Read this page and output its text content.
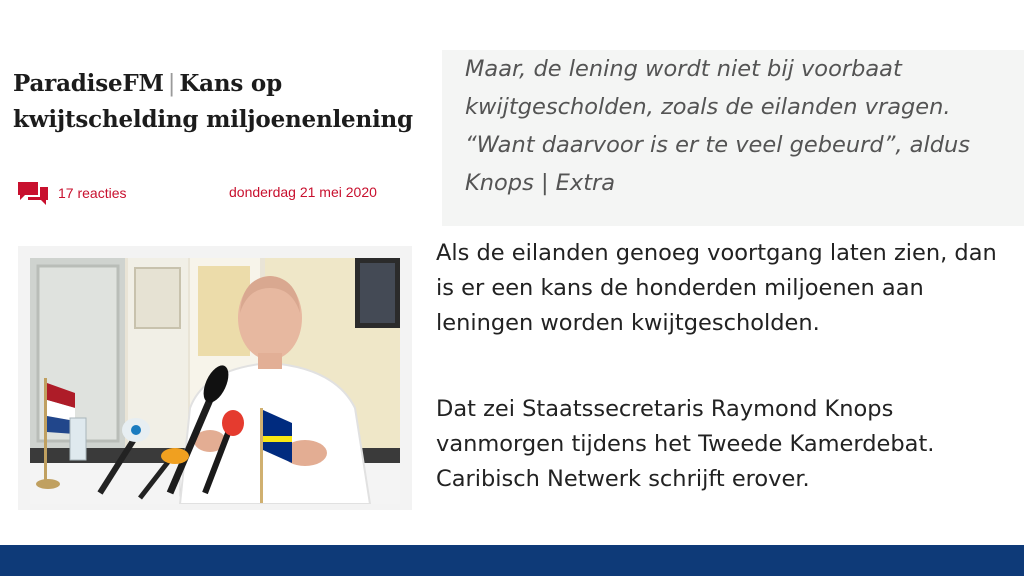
ParadiseFM | Kans op kwijtschelding miljoenenlening
17 reacties	donderdag 21 mei 2020

Maar, de lening wordt niet bij voorbaat kwijtgescholden, zoals de eilanden vragen. “Want daarvoor is er te veel gebeurd”, aldus Knops | Extra

Als de eilanden genoeg voortgang laten zien, dan is er een kans de honderden miljoenen aan leningen worden kwijtgescholden.

Dat zei Staatssecretaris Raymond Knops vanmorgen tijdens het Tweede Kamerdebat. Caribisch Netwerk schrijft erover.
